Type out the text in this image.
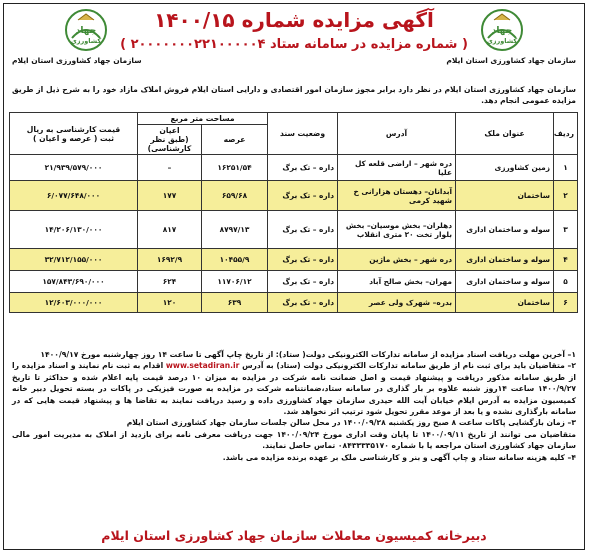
جهاد
کشاورزی
سازمان جهاد کشاورزی استان ایلام
جهاد
کشاورزی
سازمان جهاد کشاورزی استان ایلام
آگهی مزایده شماره ۱۴۰۰/۱۵
( شماره مزایده در سامانه ستاد ۲۰۰۰۰۰۰۰۲۲۱۰۰۰۰۰۴ )
سازمان جهاد کشاورزی استان ایلام در نظر دارد برابر مجوز سازمان امور اقتصادی و دارایی استان ایلام فروش املاک مازاد خود را به شرح ذیل از طریق مزایده عمومی انجام دهد.
ردیف	عنوان ملک	آدرس	وضعیت سند	مساحت متر مربع		قیمت کارشناسی به ریال
ثبت ( عرصه و اعیان )

				عرصه	اعیان
(طبق نظر کارشناسی)	

۱	زمین کشاورزی	دره شهر – اراضی قلعه کل علیا	داره – تک برگ	۱۶۲۵۱/۵۴	–	۲۱/۹۳۹/۵۷۹/۰۰۰
۲	ساختمان	آبدانان– دهستان هزارانی خ شهید کرمی	داره – تک برگ	۶۵۹/۶۸	۱۷۷	۶/۰۷۷/۶۴۸/۰۰۰
۳	سوله و ساختمان اداری	دهلران– بخش موسیان– بخش بلوار تخت ۲۰ متری انقلاب	داره – تک برگ	۸۷۹۷/۱۳	۸۱۷	۱۴/۲۰۶/۱۳۰/۰۰۰
۴	سوله و ساختمان اداری	دره شهر – بخش ماژین	داره – تک برگ	۱۰۴۵۵/۹	۱۶۹۲/۹	۳۲/۷۱۲/۱۵۵/۰۰۰
۵	سوله و ساختمان اداری	مهران– بخش صالح آباد	داره – تک برگ	۱۱۷۰۶/۱۲	۶۲۴	۱۵۷/۸۴۳/۶۹۰/۰۰۰
۶	ساختمان	بدره– شهرک ولی عصر	داره – تک برگ	۶۳۹	۱۲۰	۱۲/۶۰۳/۰۰۰/۰۰۰

۱– آخرین مهلت دریافت اسناد مزایده از سامانه تدارکات الکترونیکی دولت( ستاد): از تاریخ چاپ آگهی تا ساعت ۱۴ روز چهارشنبه مورخ ۱۴۰۰/۹/۱۷

۲– متقاضیان باید برای ثبت نام از طریق سامانه تدارکات الکترونیکی دولت (ستاد) به آدرس www.setadiran.ir اقدام به ثبت نام نمایند و اسناد مزایده را از طریق سامانه مذکور دریافت و پیشنهاد قیمت و اصل ضمانت نامه شرکت در مزایده به میزان ۱۰ درصد قیمت پایه اعلام شده و حداکثر تا تاریخ ۱۴۰۰/۹/۲۷ ساعت ۱۴روز شنبه علاوه بر بار گذاری در سامانه ستاد،ضمانتنامه شرکت در مزایده به صورت فیزیکی در پاکات در بسته تحویل دبیر خانه کمیسیون مزایده به آدرس ایلام خیابان آیت الله حیدری سازمان جهاد کشاورزی داده و رسید دریافت نمایند به تقاضا ها و پیشنهاد قیمت هایی که در سامانه بارگذاری نشده و یا بعد از موعد مقرر تحویل شود ترتیب اثر نخواهد شد.

۳– زمان بازگشایی پاکات ساعت ۸ صبح روز یکشنبه ۱۴۰۰/۰۹/۲۸ در محل سالن جلسات سازمان جهاد کشاورزی استان ایلام

متقاضیان می توانند از تاریخ ۱۴۰۰/۰۹/۱۱ تا پایان وقت اداری مورخ ۱۴۰۰/۰۹/۲۴ جهت دریافت معرفی نامه برای بازدید از املاک به مدیریت امور مالی سازمان جهاد کشاورزی استان مراجعه یا با شماره ۰۸۴۳۳۳۳۵۱۷۰ تماس حاصل نمایند.

۴– کلیه هزینه سامانه ستاد و چاپ آگهی و بنر و کارشناسی ملک بر عهده برنده مزایده می باشد.

دبیرخانه کمیسیون معاملات سازمان جهاد کشاورزی استان ایلام
